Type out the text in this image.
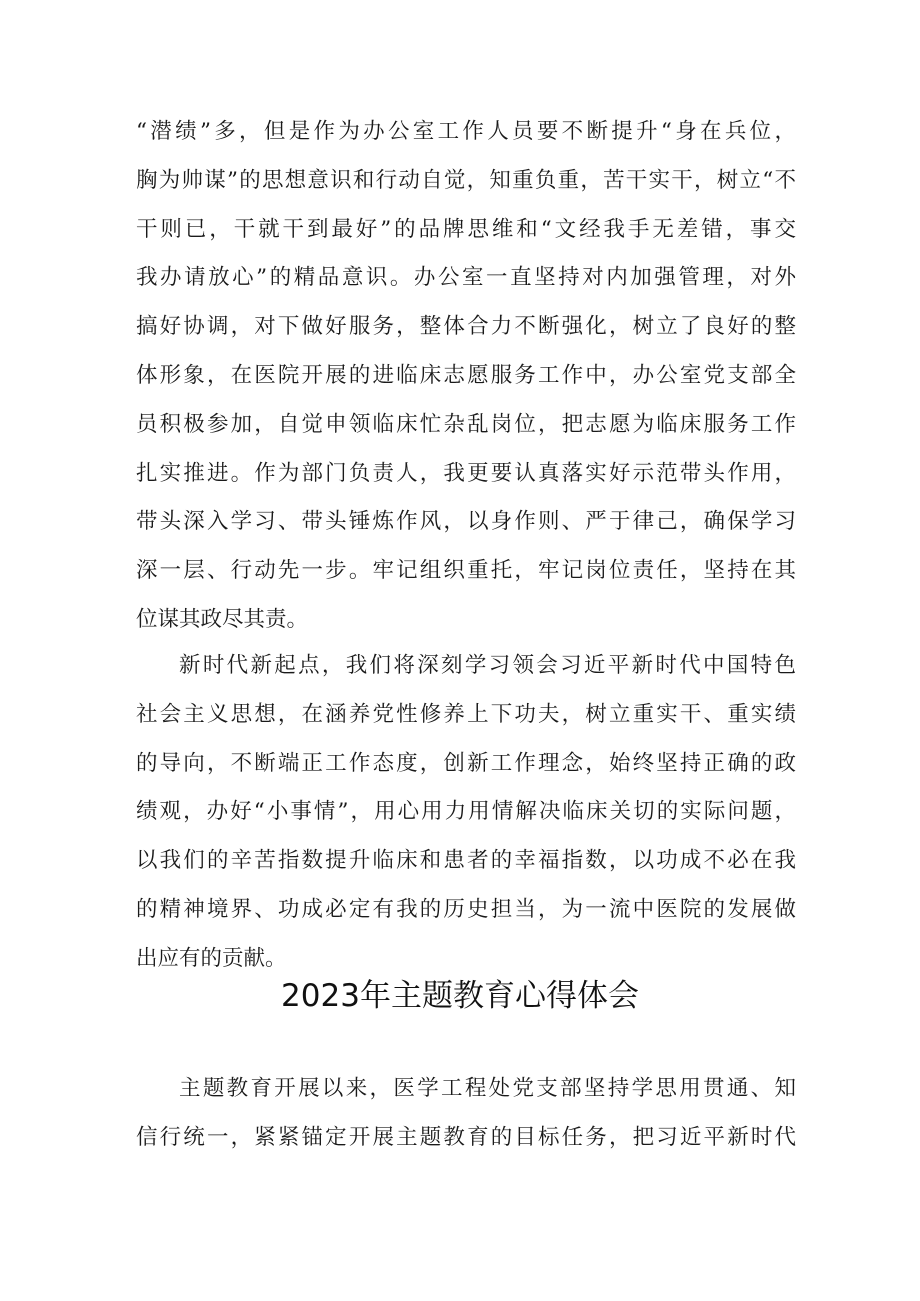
“潜绩”多，但是作为办公室工作人员要不断提升“身在兵位，
胸为帅谋”的思想意识和行动自觉，知重负重，苦干实干，树立“不
干则已，干就干到最好”的品牌思维和“文经我手无差错，事交
我办请放心”的精品意识。办公室一直坚持对内加强管理，对外
搞好协调，对下做好服务，整体合力不断强化，树立了良好的整
体形象，在医院开展的进临床志愿服务工作中，办公室党支部全
员积极参加，自觉申领临床忙杂乱岗位，把志愿为临床服务工作
扎实推进。作为部门负责人，我更要认真落实好示范带头作用，
带头深入学习、带头锤炼作风，以身作则、严于律己，确保学习
深一层、行动先一步。牢记组织重托，牢记岗位责任，坚持在其
位谋其政尽其责。
新时代新起点，我们将深刻学习领会习近平新时代中国特色
社会主义思想，在涵养党性修养上下功夫，树立重实干、重实绩
的导向，不断端正工作态度，创新工作理念，始终坚持正确的政
绩观，办好“小事情”，用心用力用情解决临床关切的实际问题，
以我们的辛苦指数提升临床和患者的幸福指数，以功成不必在我
的精神境界、功成必定有我的历史担当，为一流中医院的发展做
出应有的贡献。
2023年主题教育心得体会
主题教育开展以来，医学工程处党支部坚持学思用贯通、知
信行统一，紧紧锚定开展主题教育的目标任务，把习近平新时代
